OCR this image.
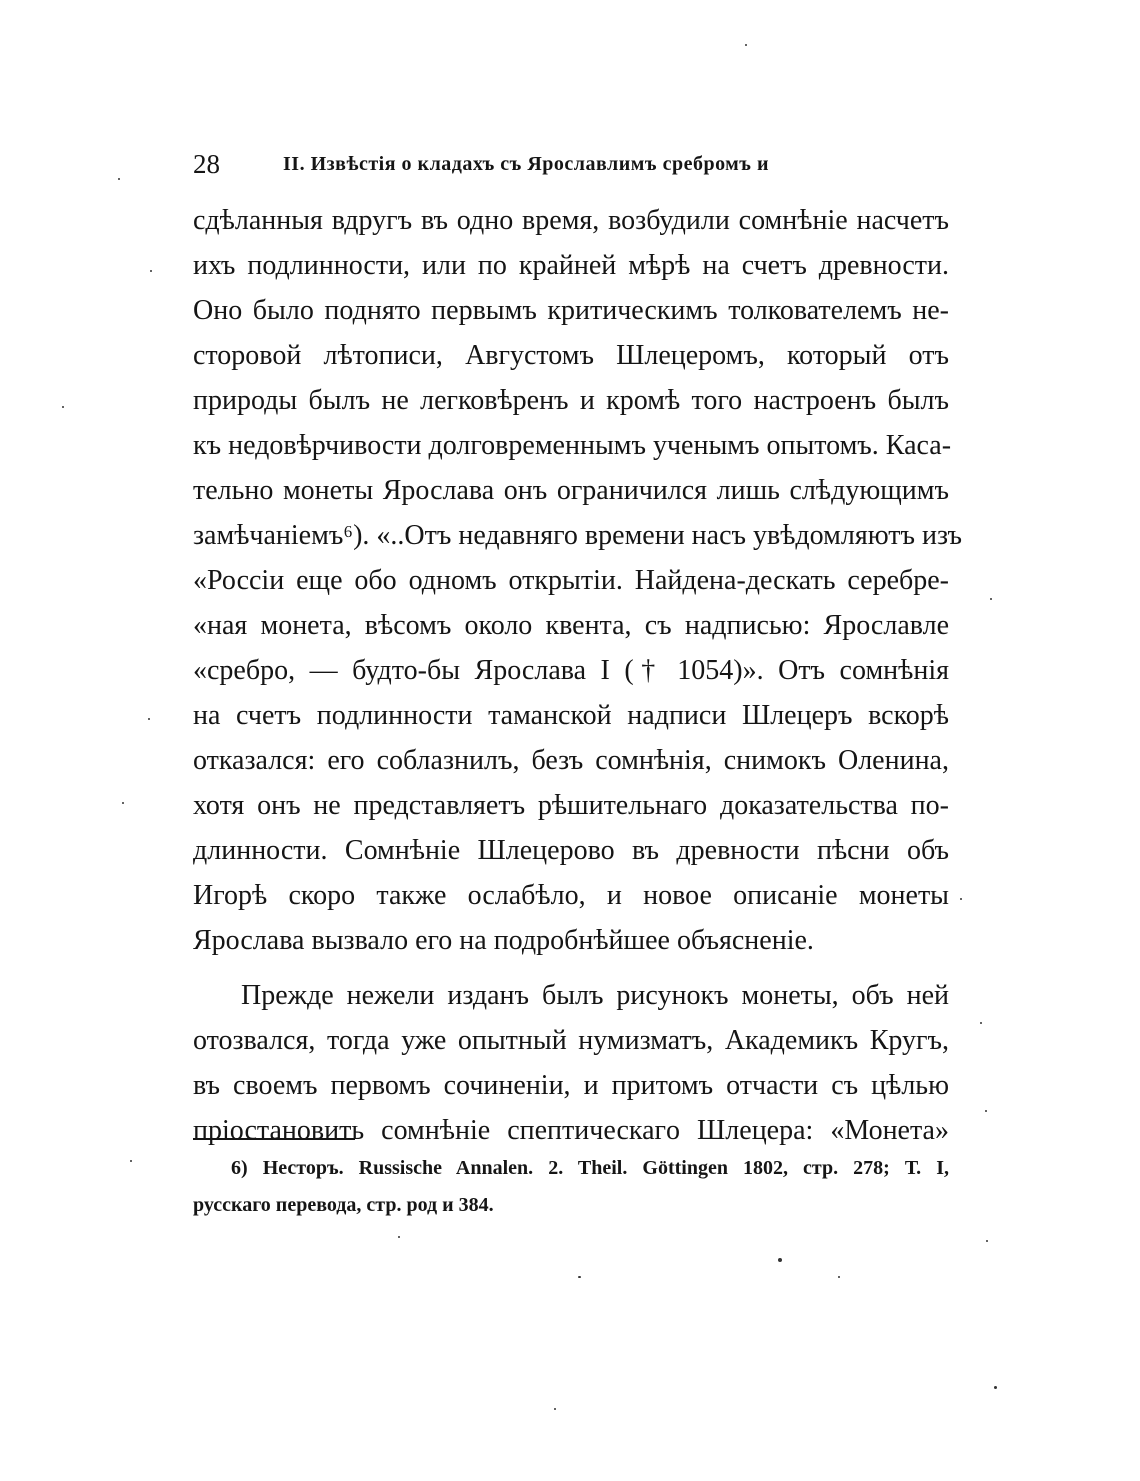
28	II. Извѣстія о кладахъ съ Ярославлимъ сребромъ и
сдѣланныя вдругъ въ одно время, возбудили сомнѣніе насчетъ
ихъ подлинности, или по крайней мѣрѣ на счетъ древности.
Оно было поднято первымъ критическимъ толкователемъ не-
сторовой лѣтописи, Августомъ Шлецеромъ, который отъ
природы былъ не легковѣренъ и кромѣ того настроенъ былъ
къ недовѣрчивости долговременнымъ ученымъ опытомъ. Каса-
тельно монеты Ярослава онъ ограничился лишь слѣдующимъ
замѣчаніемъ⁶). «..Отъ недавняго времени насъ увѣдомляютъ изъ
«Россіи еще обо одномъ открытіи. Найдена-дескать серебре-
«ная монета, вѣсомъ около квента, съ надписью: Ярославле
«сребро, — будто-бы Ярослава I († 1054)». Отъ сомнѣнія
на счетъ подлинности таманской надписи Шлецеръ вскорѣ
отказался: его соблазнилъ, безъ сомнѣнія, снимокъ Оленина,
хотя онъ не представляетъ рѣшительнаго доказательства по-
длинности. Сомнѣніе Шлецерово въ древности пѣсни объ
Игорѣ скоро также ослабѣло, и новое описаніе монеты
Ярослава вызвало его на подробнѣйшее объясненіе.
Прежде нежели изданъ былъ рисунокъ монеты, объ ней
отозвался, тогда уже опытный нумизматъ, Академикъ Кругъ,
въ своемъ первомъ сочиненіи, и притомъ отчасти съ цѣлью
пріостановить сомнѣніе спептическагo Шлецера: «Монета»
6) Несторъ. Russische Annalen. 2. Theil. Göttingen 1802, стр. 278; Т. I,
русскаго перевода, стр. род и 384.
